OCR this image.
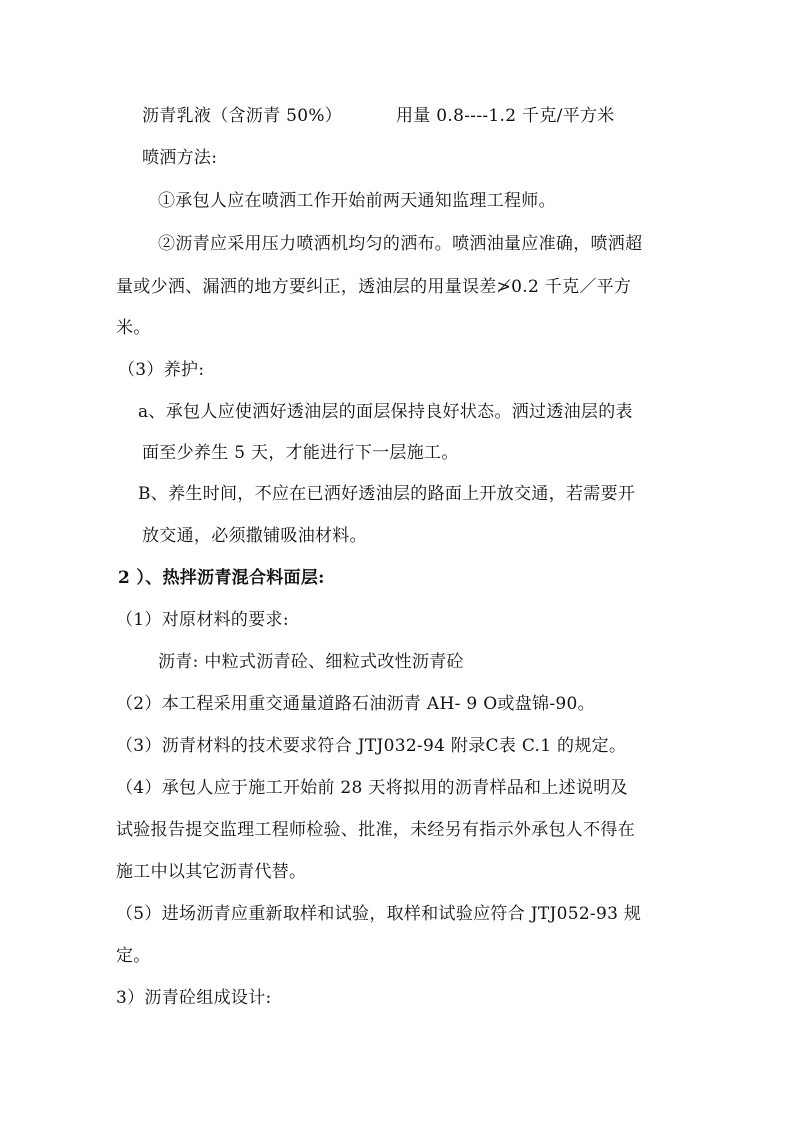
沥青乳液（含沥青 50%）	用量 0.8----1.2 千克/平方米
喷洒方法:
①承包人应在喷洒工作开始前两天通知监理工程师。
②沥青应采用压力喷洒机均匀的洒布。喷洒油量应准确，喷洒超
量或少洒、漏洒的地方要纠正，透油层的用量误差≯0.2 千克／平方
米。
（3）养护:
a、承包人应使洒好透油层的面层保持良好状态。洒过透油层的表
面至少养生 5 天，才能进行下一层施工。
B、养生时间，不应在已洒好透油层的路面上开放交通，若需要开
放交通，必须撒铺吸油材料。
2 ）、热拌沥青混合料面层:
（1）对原材料的要求:
沥青: 中粒式沥青砼、细粒式改性沥青砼
（2）本工程采用重交通量道路石油沥青 AH- 9 O或盘锦-90。
（3）沥青材料的技术要求符合 JTJ032-94 附录C表 C.1 的规定。
（4）承包人应于施工开始前 28 天将拟用的沥青样品和上述说明及
试验报告提交监理工程师检验、批准，未经另有指示外承包人不得在
施工中以其它沥青代替。
（5）进场沥青应重新取样和试验，取样和试验应符合 JTJ052-93 规
定。
3）沥青砼组成设计:
